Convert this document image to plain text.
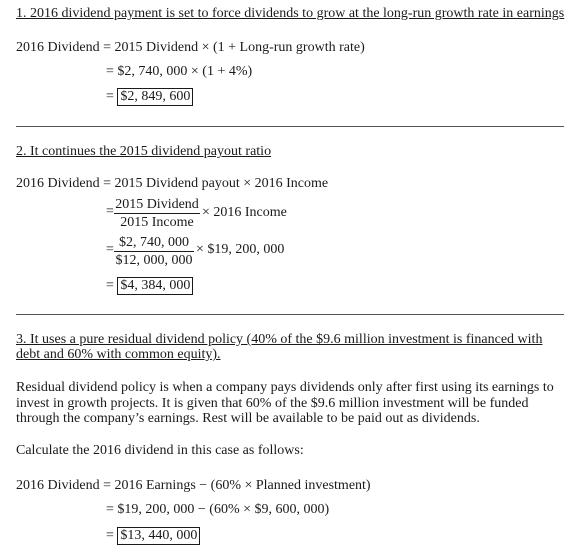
1. 2016 dividend payment is set to force dividends to grow at the long-run growth rate in earnings
2016 Dividend = 2015 Dividend × (1 + Long-run growth rate)
= $2, 740, 000 × (1 + 4%)
= $2, 849, 600
2. It continues the 2015 dividend payout ratio
2016 Dividend = 2015 Dividend payout × 2016 Income
= 2015 Dividend
2015 Income
× 2016 Income
= $2, 740, 000
$12, 000, 000
× $19, 200, 000
= $4, 384, 000
3. It uses a pure residual dividend policy (40% of the $9.6 million investment is financed with debt and 60% with common equity).
Residual dividend policy is when a company pays dividends only after first using its earnings to invest in growth projects. It is given that 60% of the $9.6 million investment will be funded through the company’s earnings. Rest will be available to be paid out as dividends.
Calculate the 2016 dividend in this case as follows:
2016 Dividend = 2016 Earnings − (60% × Planned investment)
= $19, 200, 000 − (60% × $9, 600, 000)
= $13, 440, 000
